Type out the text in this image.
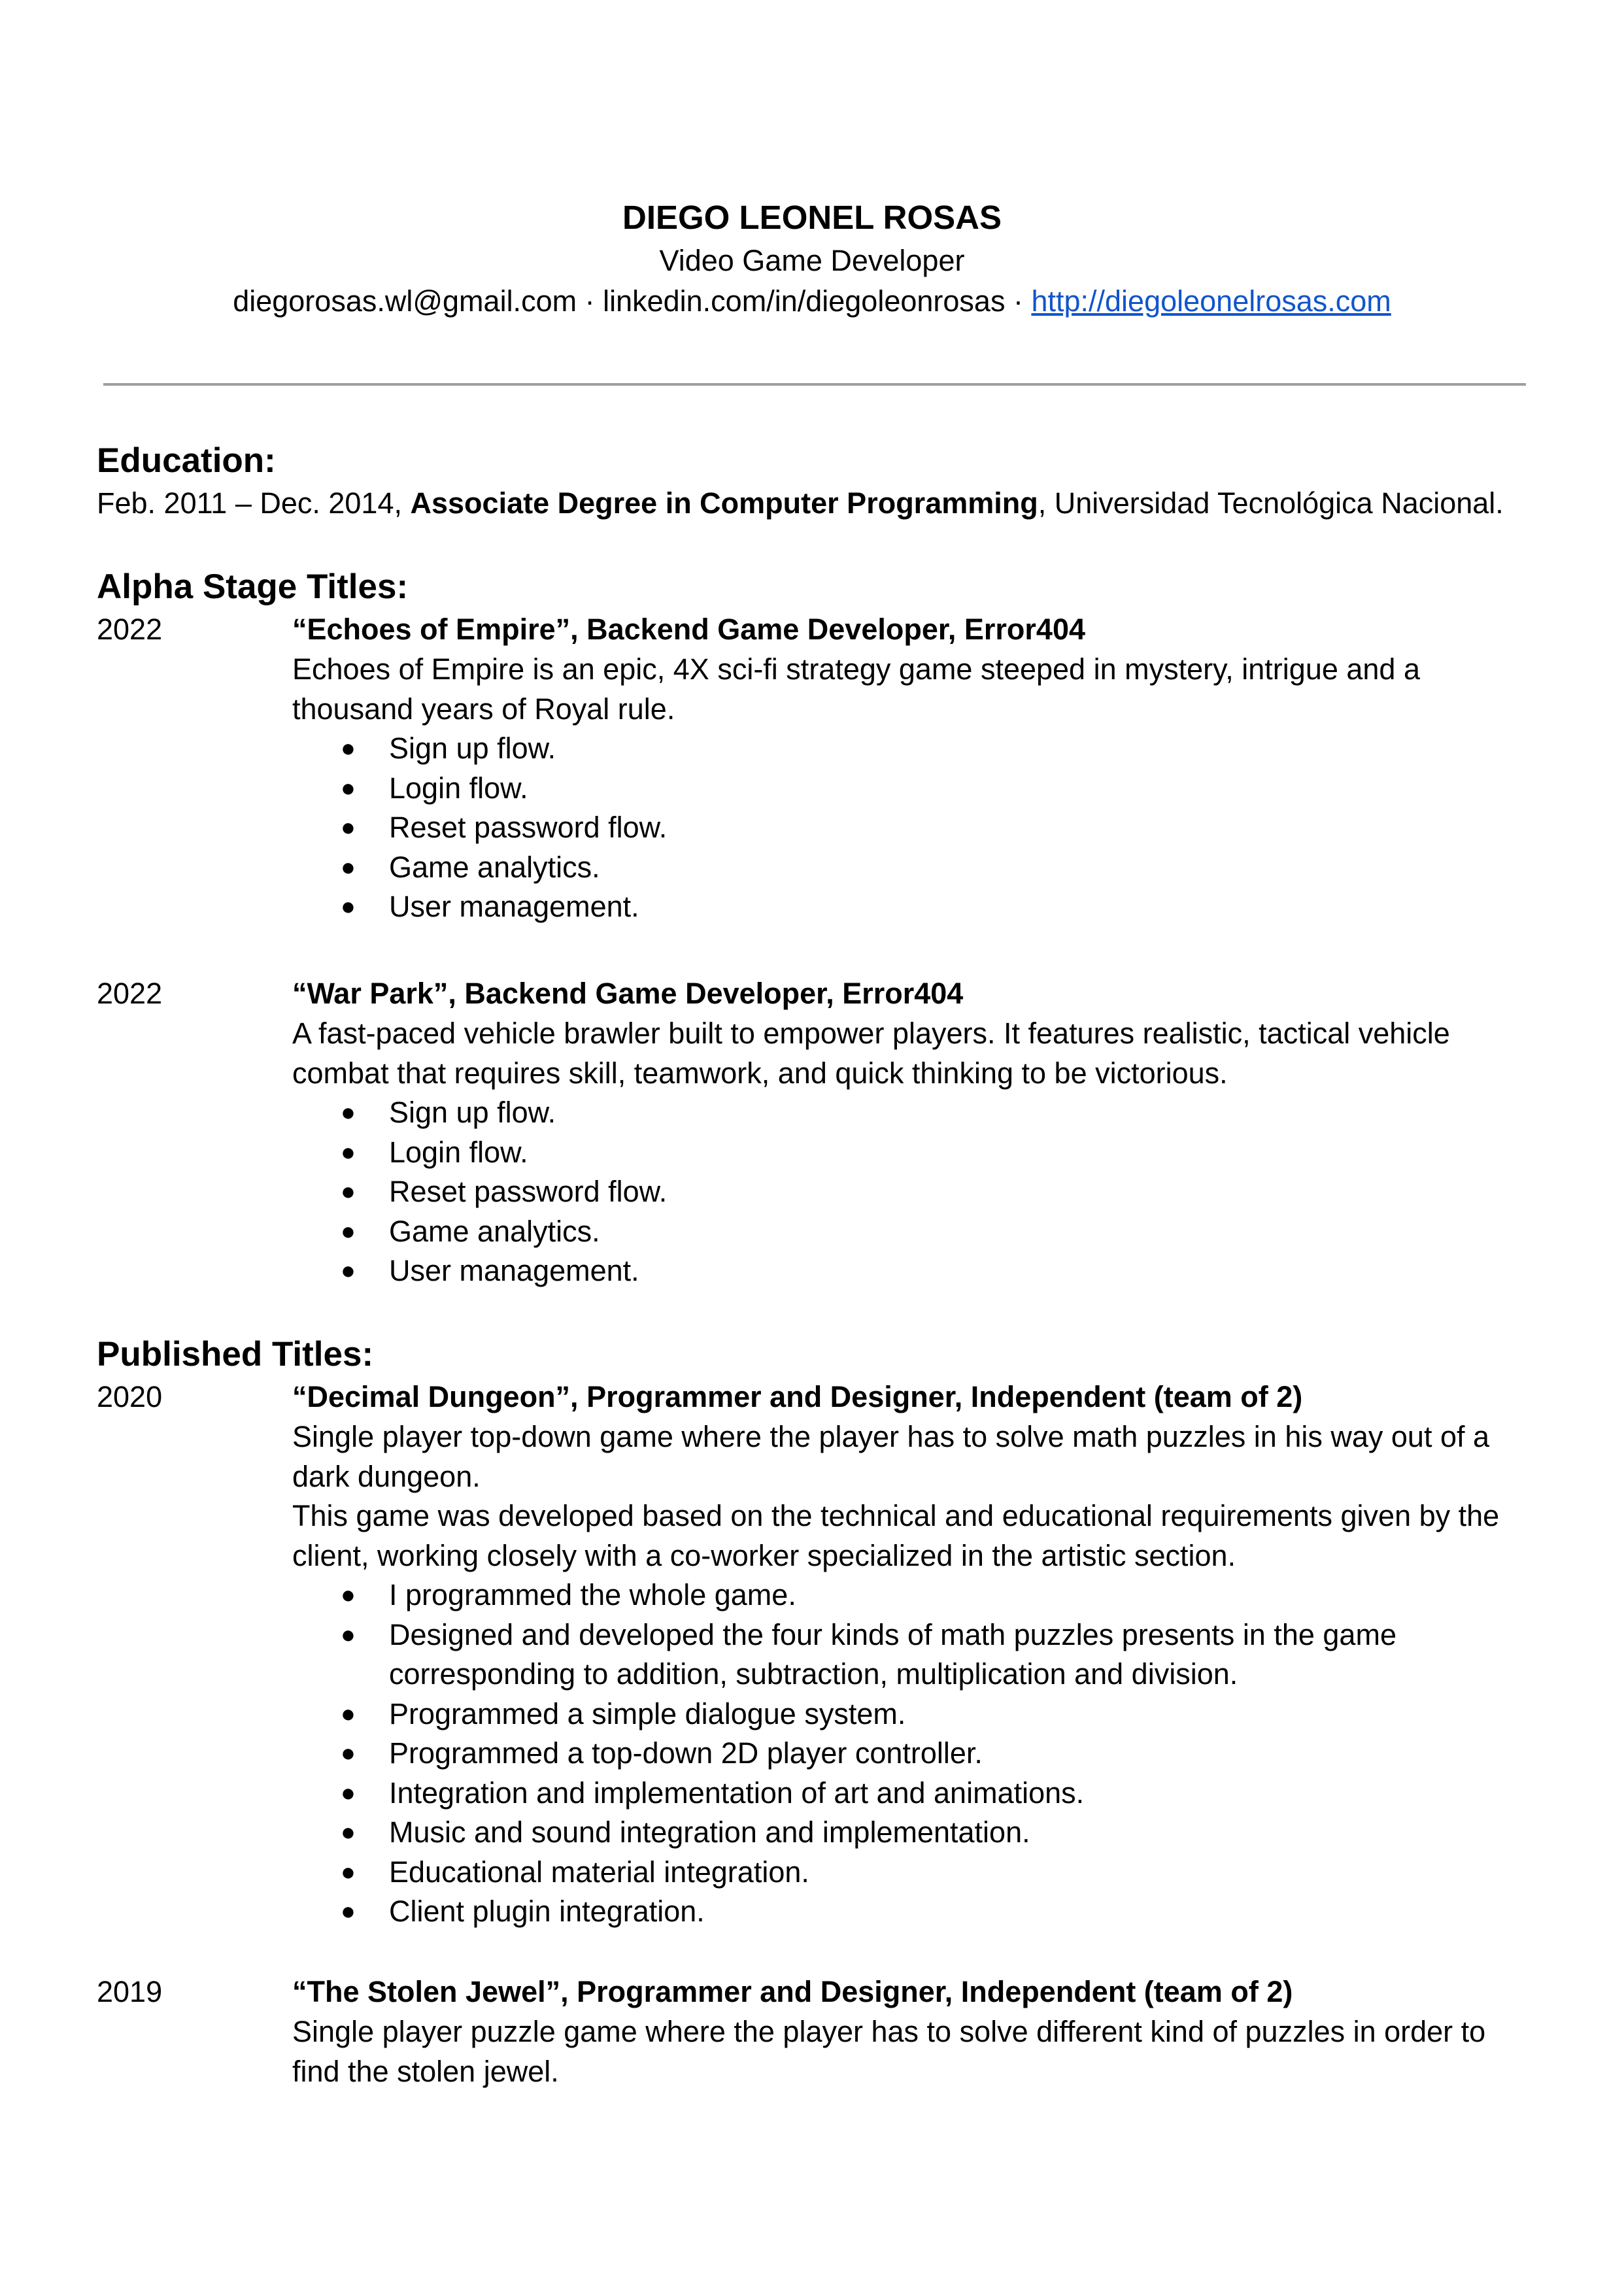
DIEGO LEONEL ROSAS
Video Game Developer
diegorosas.wl@gmail.com · linkedin.com/in/diegoleonrosas · http://diegoleonelrosas.com
Education:
Feb. 2011 – Dec. 2014, Associate Degree in Computer Programming, Universidad Tecnológica Nacional.
Alpha Stage Titles:
2022	“Echoes of Empire”, Backend Game Developer, Error404
Echoes of Empire is an epic, 4X sci-fi strategy game steeped in mystery, intrigue and a thousand years of Royal rule.
● Sign up flow.
● Login flow.
● Reset password flow.
● Game analytics.
● User management.
2022	“War Park”, Backend Game Developer, Error404
A fast-paced vehicle brawler built to empower players. It features realistic, tactical vehicle combat that requires skill, teamwork, and quick thinking to be victorious.
● Sign up flow.
● Login flow.
● Reset password flow.
● Game analytics.
● User management.
Published Titles:
2020	“Decimal Dungeon”, Programmer and Designer, Independent (team of 2)
Single player top-down game where the player has to solve math puzzles in his way out of a dark dungeon.
This game was developed based on the technical and educational requirements given by the client, working closely with a co-worker specialized in the artistic section.
● I programmed the whole game.
● Designed and developed the four kinds of math puzzles presents in the game corresponding to addition, subtraction, multiplication and division.
● Programmed a simple dialogue system.
● Programmed a top-down 2D player controller.
● Integration and implementation of art and animations.
● Music and sound integration and implementation.
● Educational material integration.
● Client plugin integration.
2019	“The Stolen Jewel”, Programmer and Designer, Independent (team of 2)
Single player puzzle game where the player has to solve different kind of puzzles in order to find the stolen jewel.
